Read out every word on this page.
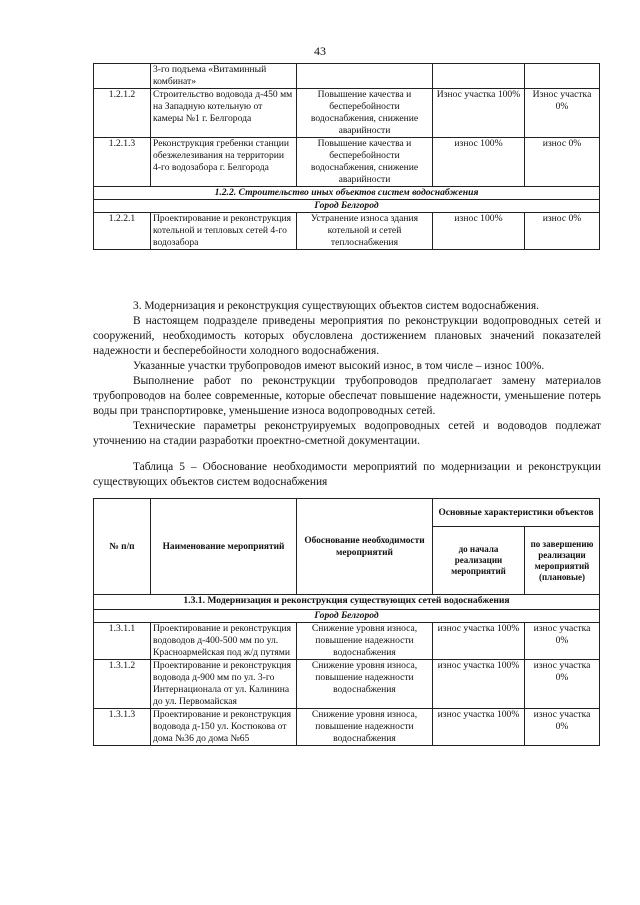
43
	3-го подъема «Витаминный комбинат»			
1.2.1.2	Строительство водовода д-450 мм на Западную котельную от камеры №1 г. Белгорода	Повышение качества и бесперебойности водоснабжения, снижение аварийности	Износ участка 100%	Износ участка 0%
1.2.1.3	Реконструкция гребенки станции обезжелезивания на территории 4-го водозабора г. Белгорода	Повышение качества и бесперебойности водоснабжения, снижение аварийности	износ 100%	износ 0%
1.2.2. Строительство иных объектов систем водоснабжения				
Город Белгород				
1.2.2.1	Проектирование и реконструкция котельной и тепловых сетей 4-го водозабора	Устранение износа здания котельной и сетей теплоснабжения	износ 100%	износ 0%

3. Модернизация и реконструкция существующих объектов систем водоснабжения.

В настоящем подразделе приведены мероприятия по реконструкции водопроводных сетей и сооружений, необходимость которых обусловлена достижением плановых значений показателей надежности и бесперебойности холодного водоснабжения.

Указанные участки трубопроводов имеют высокий износ, в том числе – износ 100%.

Выполнение работ по реконструкции трубопроводов предполагает замену материалов трубопроводов на более современные, которые обеспечат повышение надежности, уменьшение потерь воды при транспортировке, уменьшение износа водопроводных сетей.

Технические параметры реконструируемых водопроводных сетей и водоводов подлежат уточнению на стадии разработки проектно-сметной документации.

Таблица 5 – Обоснование необходимости мероприятий по модернизации и реконструкции существующих объектов систем водоснабжения

№ п/п	Наименование мероприятий	Обоснование необходимости мероприятий	Основные характеристики объектов	
			до начала реализации мероприятий	по завершению реализации мероприятий (плановые)
1.3.1. Модернизация и реконструкция существующих сетей водоснабжения				
Город Белгород				
1.3.1.1	Проектирование и реконструкция водоводов д-400-500 мм по ул. Красноармейская под ж/д путями	Снижение уровня износа, повышение надежности водоснабжения	износ участка 100%	износ участка 0%
1.3.1.2	Проектирование и реконструкция водовода д-900 мм по ул. 3-го Интернационала от ул. Калинина до ул. Первомайская	Снижение уровня износа, повышение надежности водоснабжения	износ участка 100%	износ участка 0%
1.3.1.3	Проектирование и реконструкция водовода д-150 ул. Костюкова от дома №36 до дома №65	Снижение уровня износа, повышение надежности водоснабжения	износ участка 100%	износ участка 0%
